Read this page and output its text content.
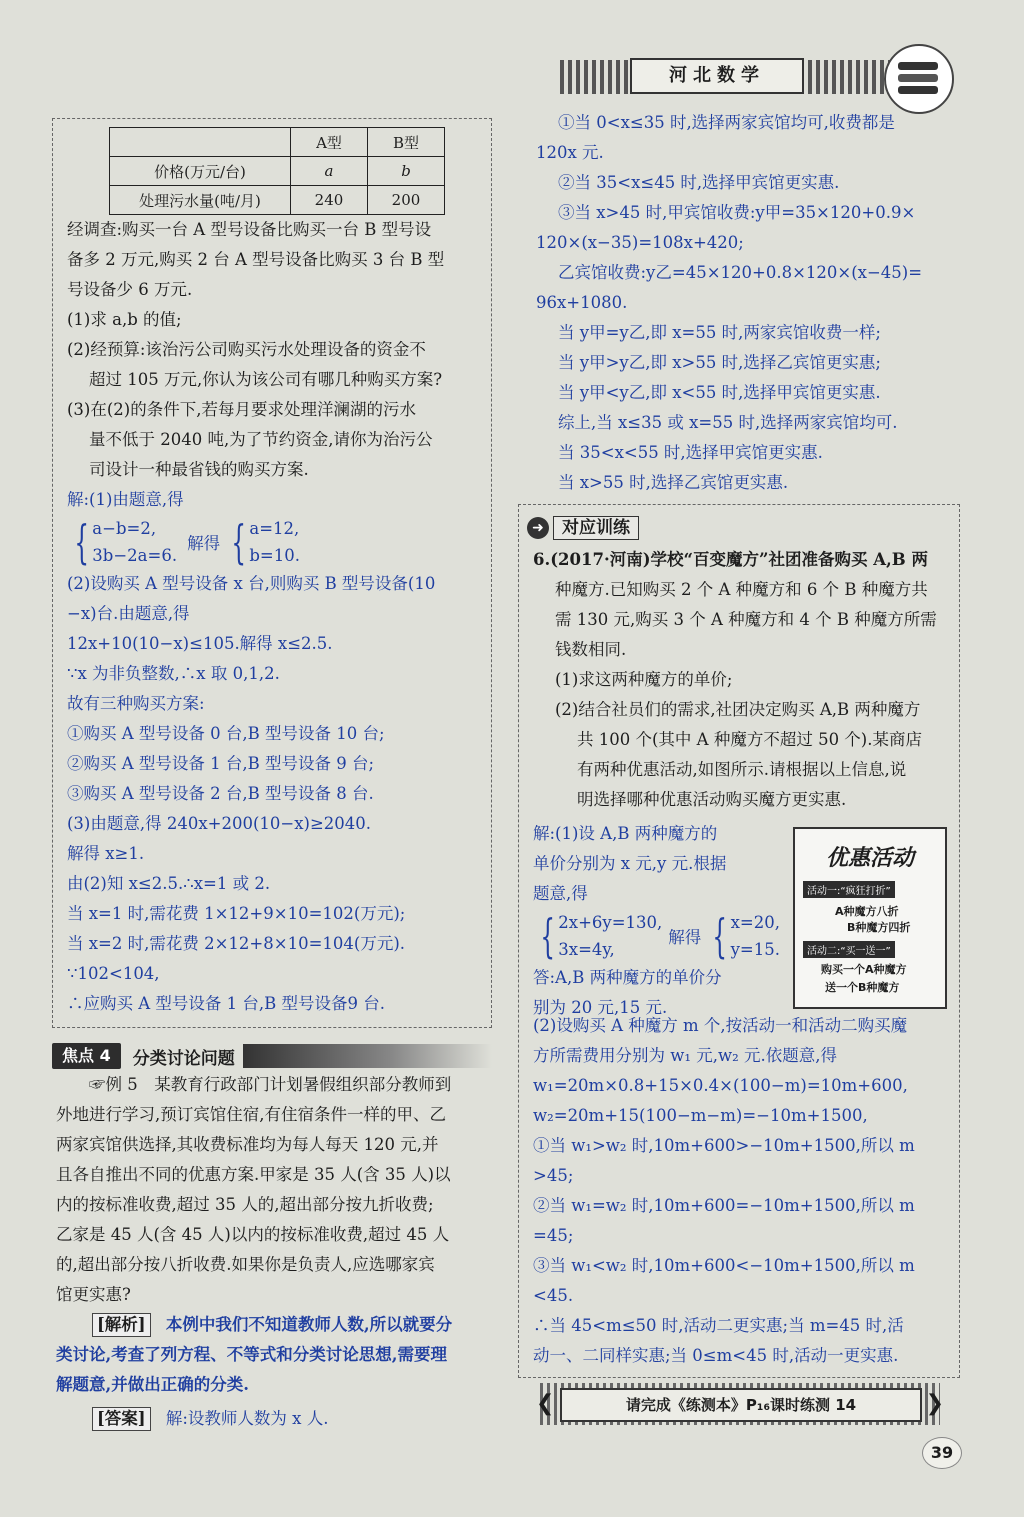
河北数学
	A型	B型
价格(万元/台)	a	b
处理污水量(吨/月)	240	200
经调查:购买一台 A 型号设备比购买一台 B 型号设
备多 2 万元,购买 2 台 A 型号设备比购买 3 台 B 型
号设备少 6 万元.
(1)求 a,b 的值;
(2)经预算:该治污公司购买污水处理设备的资金不
超过 105 万元,你认为该公司有哪几种购买方案?
(3)在(2)的条件下,若每月要求处理洋澜湖的污水
量不低于 2040 吨,为了节约资金,请你为治污公
司设计一种最省钱的购买方案.
解:(1)由题意,得
{ a−b=2,
3b−2a=6.
解得 { a=12,
b=10.
(2)设购买 A 型号设备 x 台,则购买 B 型号设备(10
−x)台.由题意,得
12x+10(10−x)≤105.解得 x≤2.5.
∵x 为非负整数,∴x 取 0,1,2.
故有三种购买方案:
①购买 A 型号设备 0 台,B 型号设备 10 台;
②购买 A 型号设备 1 台,B 型号设备 9 台;
③购买 A 型号设备 2 台,B 型号设备 8 台.
(3)由题意,得 240x+200(10−x)≥2040.
解得 x≥1.
由(2)知 x≤2.5.∴x=1 或 2.
当 x=1 时,需花费 1×12+9×10=102(万元);
当 x=2 时,需花费 2×12+8×10=104(万元).
∵102<104,
∴应购买 A 型号设备 1 台,B 型号设备9 台.
焦点 4	分类讨论问题
☞例 5　某教育行政部门计划暑假组织部分教师到
外地进行学习,预订宾馆住宿,有住宿条件一样的甲、乙
两家宾馆供选择,其收费标准均为每人每天 120 元,并
且各自推出不同的优惠方案.甲家是 35 人(含 35 人)以
内的按标准收费,超过 35 人的,超出部分按九折收费;
乙家是 45 人(含 45 人)以内的按标准收费,超过 45 人
的,超出部分按八折收费.如果你是负责人,应选哪家宾
馆更实惠?
[解析] 本例中我们不知道教师人数,所以就要分
类讨论,考查了列方程、不等式和分类讨论思想,需要理
解题意,并做出正确的分类.
[答案] 解:设教师人数为 x 人.
①当 0<x≤35 时,选择两家宾馆均可,收费都是
120x 元.
②当 35<x≤45 时,选择甲宾馆更实惠.
③当 x>45 时,甲宾馆收费:y甲=35×120+0.9×
120×(x−35)=108x+420;
乙宾馆收费:y乙=45×120+0.8×120×(x−45)=
96x+1080.
当 y甲=y乙,即 x=55 时,两家宾馆收费一样;
当 y甲>y乙,即 x>55 时,选择乙宾馆更实惠;
当 y甲<y乙,即 x<55 时,选择甲宾馆更实惠.
综上,当 x≤35 或 x=55 时,选择两家宾馆均可.
当 35<x<55 时,选择甲宾馆更实惠.
当 x>55 时,选择乙宾馆更实惠.
➜	对应训练
6.(2017·河南)学校“百变魔方”社团准备购买 A,B 两
种魔方.已知购买 2 个 A 种魔方和 6 个 B 种魔方共
需 130 元,购买 3 个 A 种魔方和 4 个 B 种魔方所需
钱数相同.
(1)求这两种魔方的单价;
(2)结合社员们的需求,社团决定购买 A,B 两种魔方
共 100 个(其中 A 种魔方不超过 50 个).某商店
有两种优惠活动,如图所示.请根据以上信息,说
明选择哪种优惠活动购买魔方更实惠.
优惠活动
活动一:“疯狂打折”
A种魔方八折
B种魔方四折
活动二:“买一送一”
购买一个A种魔方
送一个B种魔方
解:(1)设 A,B 两种魔方的
单价分别为 x 元,y 元.根据
题意,得
{ 2x+6y=130,
3x=4y,
解得 { x=20,
y=15.
答:A,B 两种魔方的单价分
别为 20 元,15 元.
(2)设购买 A 种魔方 m 个,按活动一和活动二购买魔
方所需费用分别为 w₁ 元,w₂ 元.依题意,得
w₁=20m×0.8+15×0.4×(100−m)=10m+600,
w₂=20m+15(100−m−m)=−10m+1500,
①当 w₁>w₂ 时,10m+600>−10m+1500,所以 m
>45;
②当 w₁=w₂ 时,10m+600=−10m+1500,所以 m
=45;
③当 w₁<w₂ 时,10m+600<−10m+1500,所以 m
<45.
∴当 45<m≤50 时,活动二更实惠;当 m=45 时,活
动一、二同样实惠;当 0≤m<45 时,活动一更实惠.
❮	请完成《练测本》P₁₆课时练测 14	❯
39
